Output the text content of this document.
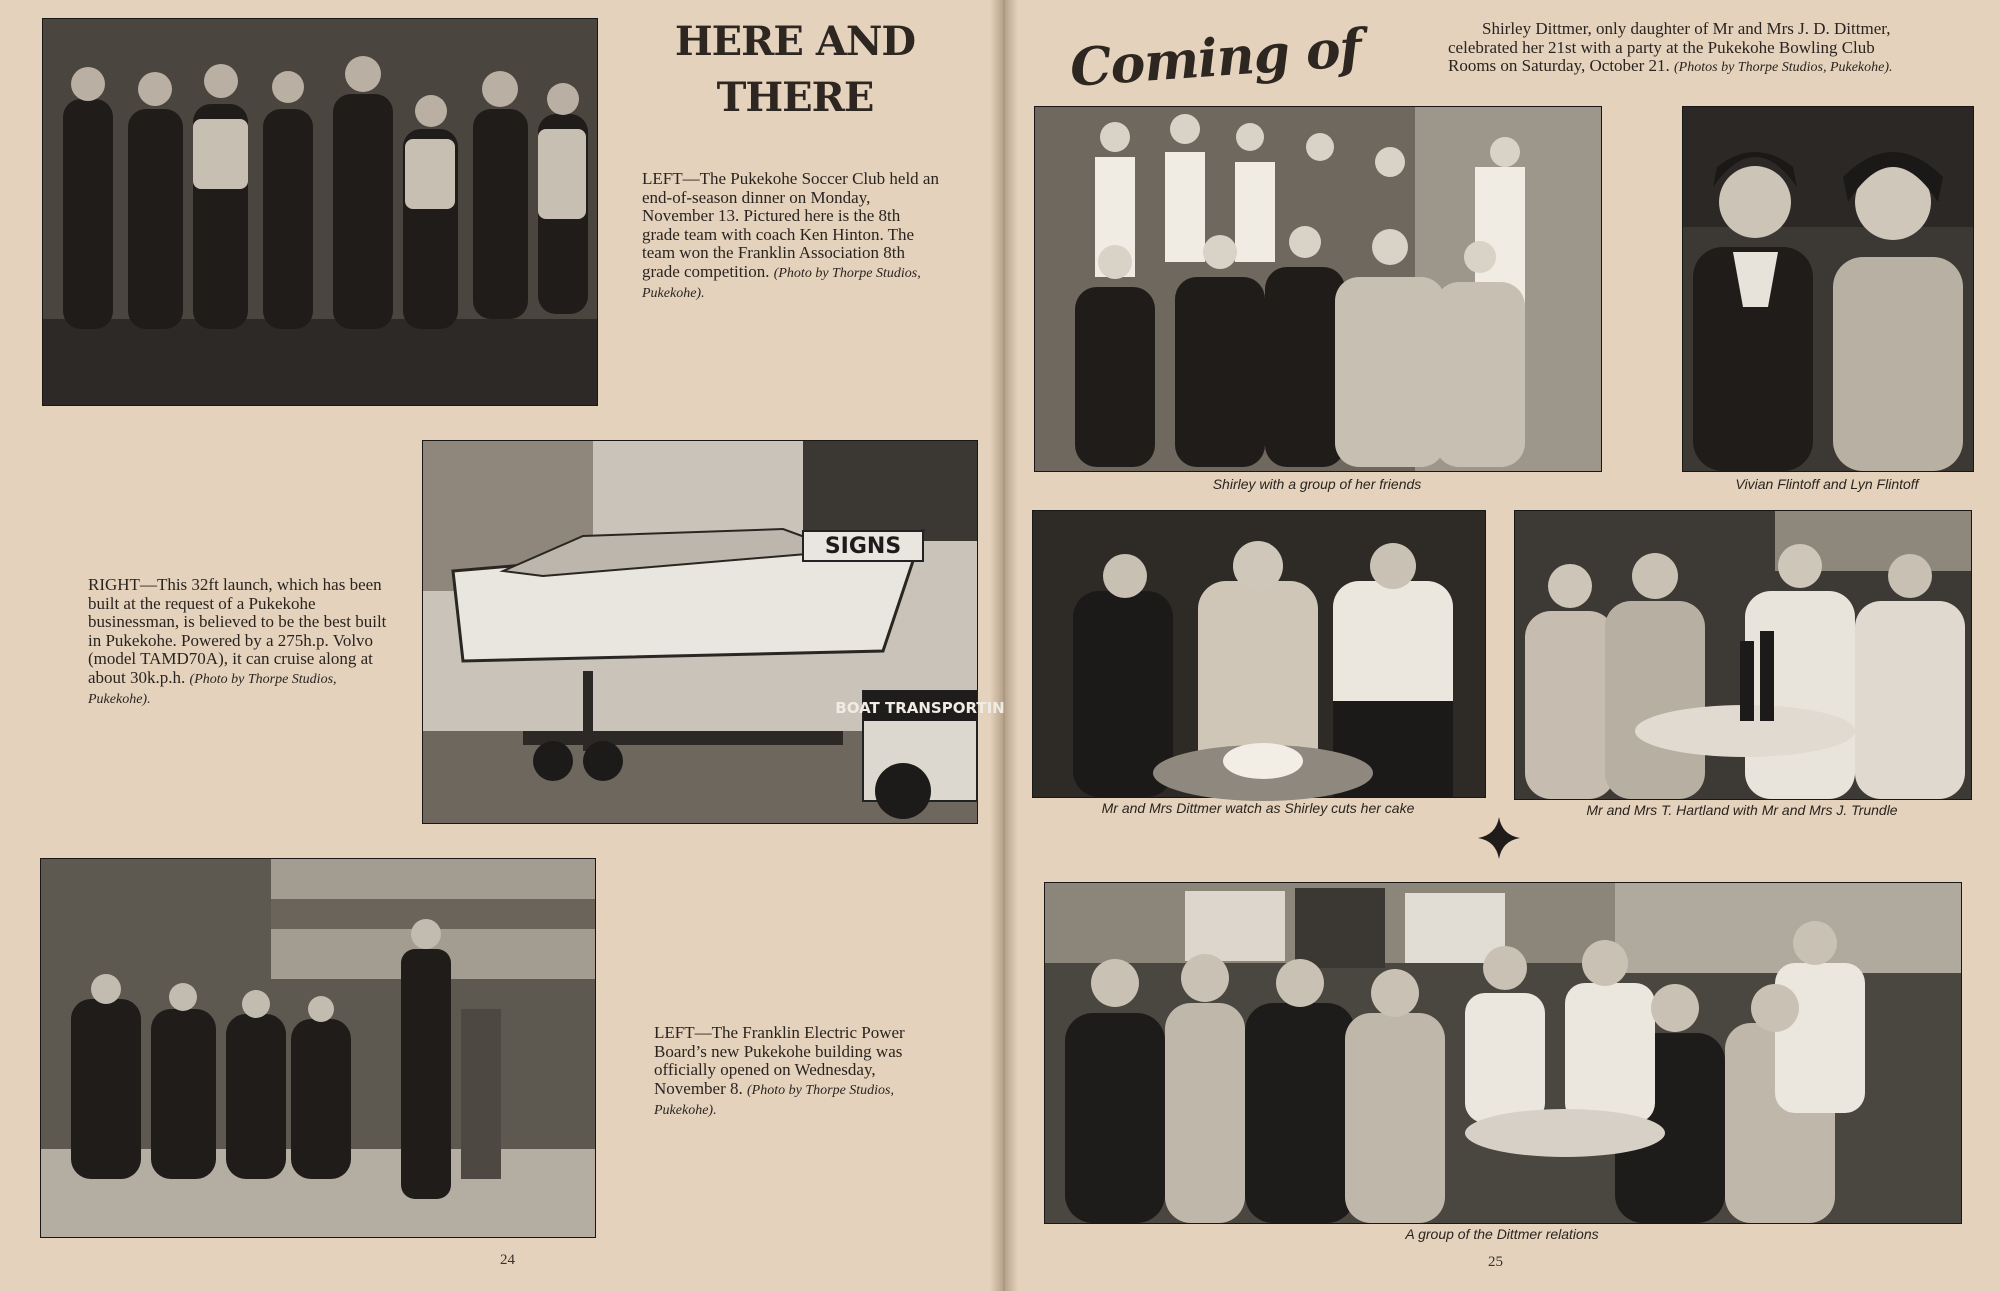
HERE AND
THERE
LEFT—The Pukekohe Soccer Club held an end-of-season dinner on Monday, November 13. Pictured here is the 8th grade team with coach Ken Hinton. The team won the Franklin Association 8th grade competition. (Photo by Thorpe Studios, Pukekohe).
SIGNS
BOAT TRANSPORTIN
RIGHT—This 32ft launch, which has been built at the request of a Pukekohe businessman, is believed to be the best built in Pukekohe. Powered by a 275h.p. Volvo (model TAMD70A), it can cruise along at about 30k.p.h. (Photo by Thorpe Studios, Pukekohe).
LEFT—The Franklin Electric Power Board’s new Pukekohe building was officially opened on Wednesday, November 8. (Photo by Thorpe Studios, Pukekohe).
24
Coming of	Shirley Dittmer, only daughter of Mr and Mrs J. D. Dittmer, celebrated her 21st with a party at the Pukekohe Bowling Club Rooms on Saturday, October 21. (Photos by Thorpe Studios, Pukekohe).
Shirley with a group of her friends	Vivian Flintoff and Lyn Flintoff
Mr and Mrs Dittmer watch as Shirley cuts her cake	Mr and Mrs T. Hartland with Mr and Mrs J. Trundle
A group of the Dittmer relations
25
